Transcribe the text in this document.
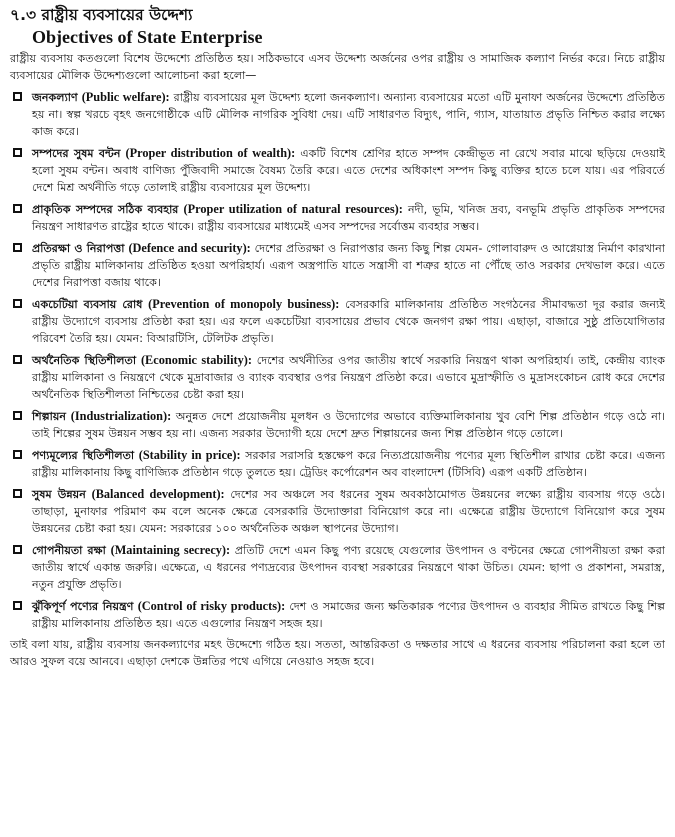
৭.৩ রাষ্ট্রীয় ব্যবসায়ের উদ্দেশ্য
Objectives of State Enterprise

রাষ্ট্রীয় ব্যবসায় কতগুলো বিশেষ উদ্দেশ্যে প্রতিষ্ঠিত হয়। সঠিকভাবে এসব উদ্দেশ্য অর্জনের ওপর রাষ্ট্রীয় ও সামাজিক কল্যাণ নির্ভর করে। নিচে রাষ্ট্রীয় ব্যবসায়ের মৌলিক উদ্দেশ্যগুলো আলোচনা করা হলো—

জনকল্যাণ (Public welfare): রাষ্ট্রীয় ব্যবসায়ের মূল উদ্দেশ্য হলো জনকল্যাণ। অন্যান্য ব্যবসায়ের মতো এটি মুনাফা অর্জনের উদ্দেশ্যে প্রতিষ্ঠিত হয় না। স্বল্প খরচে বৃহৎ জনগোষ্ঠীকে এটি মৌলিক নাগরিক সুবিধা দেয়। এটি সাধারণত বিদ্যুৎ, পানি, গ্যাস, যাতায়াত প্রভৃতি নিশ্চিত করার লক্ষ্যে কাজ করে।

সম্পদের সুষম বন্টন (Proper distribution of wealth): একটি বিশেষ শ্রেণির হাতে সম্পদ কেন্দ্রীভূত না রেখে সবার মাঝে ছড়িয়ে দেওয়াই হলো সুষম বন্টন। অবাধ বাণিজ্য পুঁজিবাদী সমাজে বৈষম্য তৈরি করে। এতে দেশের অধিকাংশ সম্পদ কিছু ব্যক্তির হাতে চলে যায়। এর পরিবর্তে দেশে মিশ্র অর্থনীতি গড়ে তোলাই রাষ্ট্রীয় ব্যবসায়ের মূল উদ্দেশ্য।

প্রাকৃতিক সম্পদের সঠিক ব্যবহার (Proper utilization of natural resources): নদী, ভূমি, খনিজ দ্রব্য, বনভূমি প্রভৃতি প্রাকৃতিক সম্পদের নিয়ন্ত্রণ সাধারণত রাষ্ট্রের হাতে থাকে। রাষ্ট্রীয় ব্যবসায়ের মাধ্যমেই এসব সম্পদের সর্বোত্তম ব্যবহার সম্ভব।

প্রতিরক্ষা ও নিরাপত্তা (Defence and security): দেশের প্রতিরক্ষা ও নিরাপত্তার জন্য কিছু শিল্প যেমন- গোলাবারুদ ও আগ্নেয়াস্ত্র নির্মাণ কারখানা প্রভৃতি রাষ্ট্রীয় মালিকানায় প্রতিষ্ঠিত হওয়া অপরিহার্য। এরূপ অস্ত্রপাতি যাতে সন্ত্রাসী বা শত্রুর হাতে না পৌঁছে তাও সরকার দেখভাল করে। এতে দেশের নিরাপত্তা বজায় থাকে।

একচেটিয়া ব্যবসায় রোধ (Prevention of monopoly business): বেসরকারি মালিকানায় প্রতিষ্ঠিত সংগঠনের সীমাবদ্ধতা দূর করার জন্যই রাষ্ট্রীয় উদ্যোগে ব্যবসায় প্রতিষ্ঠা করা হয়। এর ফলে একচেটিয়া ব্যবসায়ের প্রভাব থেকে জনগণ রক্ষা পায়। এছাড়া, বাজারে সুষ্ঠু প্রতিযোগিতার পরিবেশ তৈরি হয়। যেমন: বিআরটিসি, টেলিটক প্রভৃতি।

অর্থনৈতিক স্থিতিশীলতা (Economic stability): দেশের অর্থনীতির ওপর জাতীয় স্বার্থে সরকারি নিয়ন্ত্রণ থাকা অপরিহার্য। তাই, কেন্দ্রীয় ব্যাংক রাষ্ট্রীয় মালিকানা ও নিয়ন্ত্রণে থেকে মুদ্রাবাজার ও ব্যাংক ব্যবস্থার ওপর নিয়ন্ত্রণ প্রতিষ্ঠা করে। এভাবে মুদ্রাস্ফীতি ও মুদ্রাসংকোচন রোধ করে দেশের অর্থনৈতিক স্থিতিশীলতা নিশ্চিতের চেষ্টা করা হয়।

শিল্পায়ন (Industrialization): অনুন্নত দেশে প্রয়োজনীয় মূলধন ও উদ্যোগের অভাবে ব্যক্তিমালিকানায় খুব বেশি শিল্প প্রতিষ্ঠান গড়ে ওঠে না। তাই শিল্পের সুষম উন্নয়ন সম্ভব হয় না। এজন্য সরকার উদ্যোগী হয়ে দেশে দ্রুত শিল্পায়নের জন্য শিল্প প্রতিষ্ঠান গড়ে তোলে।

পণ্যমূল্যের স্থিতিশীলতা (Stability in price): সরকার সরাসরি হস্তক্ষেপ করে নিত্যপ্রয়োজনীয় পণ্যের মূল্য স্থিতিশীল রাখার চেষ্টা করে। এজন্য রাষ্ট্রীয় মালিকানায় কিছু বাণিজ্যিক প্রতিষ্ঠান গড়ে তুলতে হয়। ট্রেডিং কর্পোরেশন অব বাংলাদেশ (টিসিবি) এরূপ একটি প্রতিষ্ঠান।

সুষম উন্নয়ন (Balanced development): দেশের সব অঞ্চলে সব ধরনের সুষম অবকাঠামোগত উন্নয়নের লক্ষ্যে রাষ্ট্রীয় ব্যবসায় গড়ে ওঠে। তাছাড়া, মুনাফার পরিমাণ কম বলে অনেক ক্ষেত্রে বেসরকারি উদ্যোক্তারা বিনিয়োগ করে না। এক্ষেত্রে রাষ্ট্রীয় উদ্যোগে বিনিয়োগ করে সুষম উন্নয়নের চেষ্টা করা হয়। যেমন: সরকারের ১০০ অর্থনৈতিক অঞ্চল স্থাপনের উদ্যোগ।

গোপনীয়তা রক্ষা (Maintaining secrecy): প্রতিটি দেশে এমন কিছু পণ্য রয়েছে যেগুলোর উৎপাদন ও বণ্টনের ক্ষেত্রে গোপনীয়তা রক্ষা করা জাতীয় স্বার্থে একান্ত জরুরি। এক্ষেত্রে, এ ধরনের পণ্যদ্রব্যের উৎপাদন ব্যবস্থা সরকারের নিয়ন্ত্রণে থাকা উচিত। যেমন: ছাপা ও প্রকাশনা, সমরাস্ত্র, নতুন প্রযুক্তি প্রভৃতি।

ঝুঁকিপূর্ণ পণ্যের নিয়ন্ত্রণ (Control of risky products): দেশ ও সমাজের জন্য ক্ষতিকারক পণ্যের উৎপাদন ও ব্যবহার সীমিত রাখতে কিছু শিল্প রাষ্ট্রীয় মালিকানায় প্রতিষ্ঠিত হয়। এতে এগুলোর নিয়ন্ত্রণ সহজ হয়।

তাই বলা যায়, রাষ্ট্রীয় ব্যবসায় জনকল্যাণের মহৎ উদ্দেশ্যে গঠিত হয়। সততা, আন্তরিকতা ও দক্ষতার সাথে এ ধরনের ব্যবসায় পরিচালনা করা হলে তা আরও সুফল বয়ে আনবে। এছাড়া দেশকে উন্নতির পথে এগিয়ে নেওয়াও সহজ হবে।
